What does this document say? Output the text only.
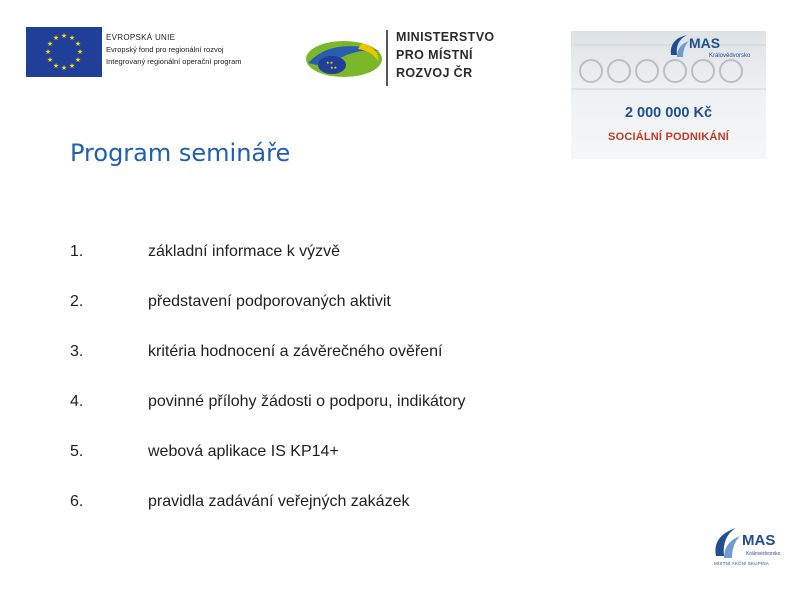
★ ★
★
★
★
★
★
★
★
★
★
★	EVROPSKÁ UNIE
Evropský fond pro regionální rozvoj
Integrovaný regionální operační program	★★
★★
MINISTERSTVO
PRO MÍSTNÍ
ROZVOJ ČR
MAS
Královédvorsko
2 000 000 Kč
SOCIÁLNÍ PODNIKÁNÍ
Program semináře
1.	základní informace k výzvě
2.	představení podporovaných aktivit
3.	kritéria hodnocení a závěrečného ověření
4.	povinné přílohy žádosti o podporu, indikátory
5.	webová aplikace IS KP14+
6.	pravidla zadávání veřejných zakázek
MAS
Královédvorsko
MÍSTNÍ AKČNÍ SKUPINA
